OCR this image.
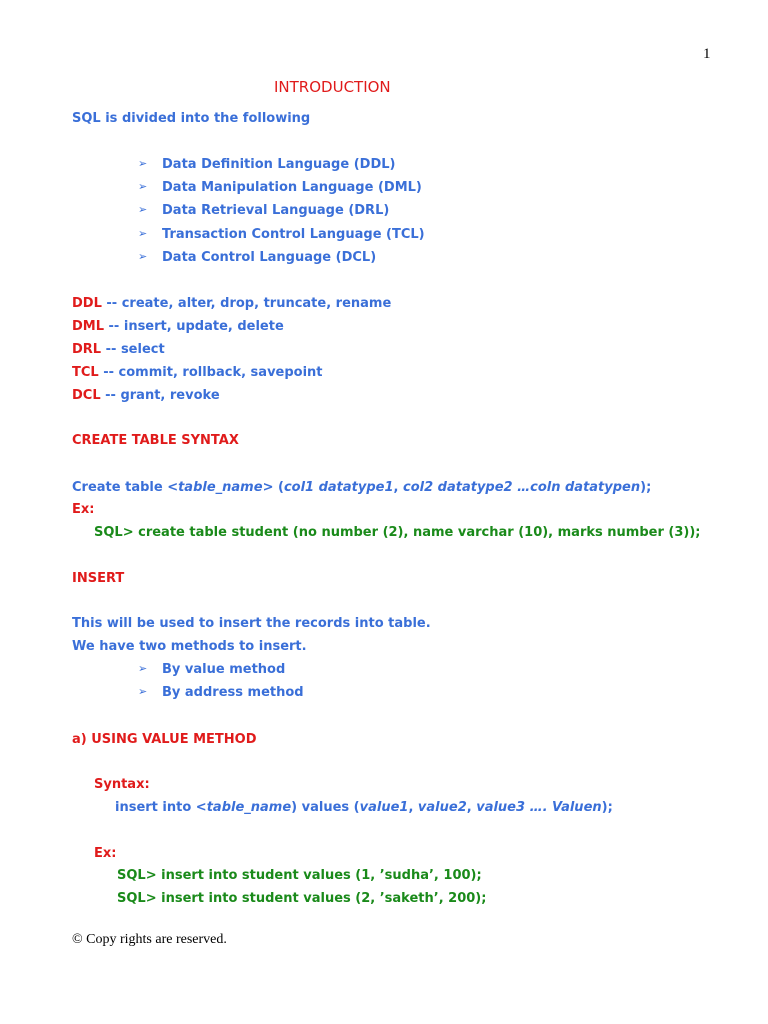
1
INTRODUCTION
SQL is divided into the following
➢ Data Definition Language (DDL)
➢ Data Manipulation Language (DML)
➢ Data Retrieval Language (DRL)
➢ Transaction Control Language (TCL)
➢ Data Control Language (DCL)
DDL -- create, alter, drop, truncate, rename
DML -- insert, update, delete
DRL -- select
TCL -- commit, rollback, savepoint
DCL -- grant, revoke
CREATE TABLE SYNTAX
Create table <table_name> (col1 datatype1, col2 datatype2 …coln datatypen);
Ex:
SQL> create table student (no number (2), name varchar (10), marks number (3));
INSERT
This will be used to insert the records into table.
We have two methods to insert.
➢ By value method
➢ By address method
a) USING VALUE METHOD
Syntax:
insert into <table_name) values (value1, value2, value3 …. Valuen);
Ex:
SQL> insert into student values (1, ’sudha’, 100);
SQL> insert into student values (2, ’saketh’, 200);
© Copy rights are reserved.
